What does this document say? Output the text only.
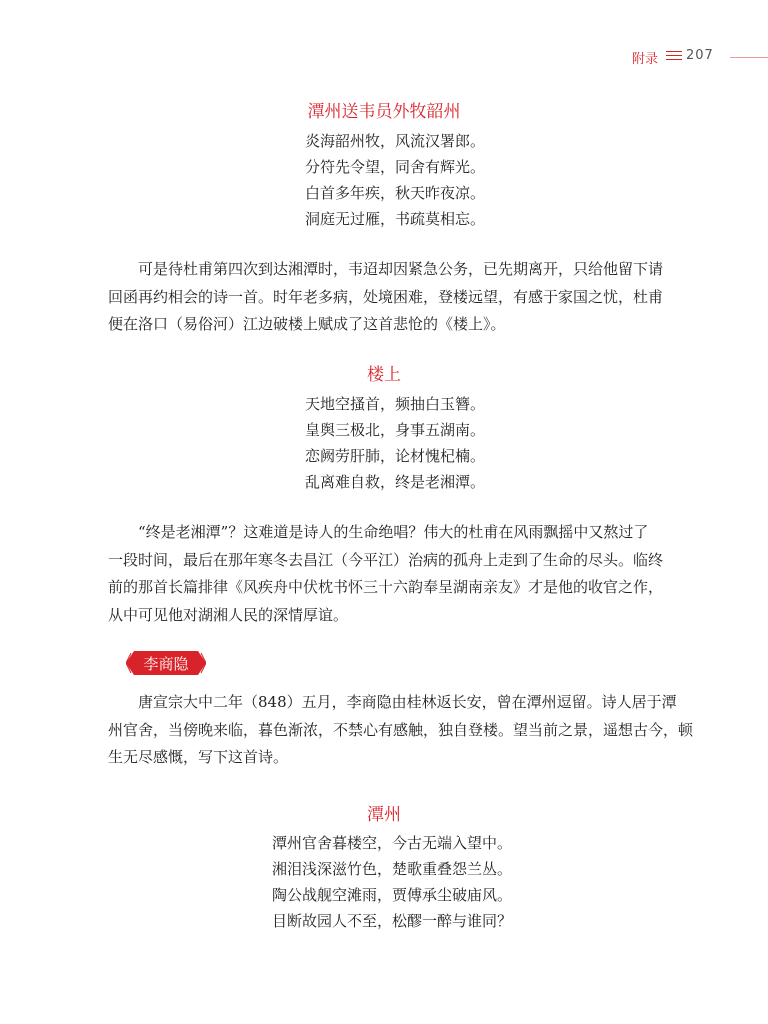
附录 207
潭州送韦员外牧韶州
炎海韶州牧，风流汉署郎。
分符先令望，同舍有辉光。
白首多年疾，秋天昨夜凉。
洞庭无过雁，书疏莫相忘。
可是待杜甫第四次到达湘潭时，韦迢却因紧急公务，已先期离开，只给他留下请
回函再约相会的诗一首。时年老多病，处境困难，登楼远望，有感于家国之忧，杜甫
便在洛口（易俗河）江边破楼上赋成了这首悲怆的《楼上》。
楼上
天地空搔首，频抽白玉簪。
皇舆三极北，身事五湖南。
恋阙劳肝肺，论材愧杞楠。
乱离难自救，终是老湘潭。
“终是老湘潭”？这难道是诗人的生命绝唱？伟大的杜甫在风雨飘摇中又熬过了
一段时间，最后在那年寒冬去昌江（今平江）治病的孤舟上走到了生命的尽头。临终
前的那首长篇排律《风疾舟中伏枕书怀三十六韵奉呈湖南亲友》才是他的收官之作，
从中可见他对湖湘人民的深情厚谊。
李商隐
唐宣宗大中二年（848）五月，李商隐由桂林返长安，曾在潭州逗留。诗人居于潭
州官舍，当傍晚来临，暮色渐浓，不禁心有感触，独自登楼。望当前之景，遥想古今，顿
生无尽感慨，写下这首诗。
潭州
潭州官舍暮楼空，今古无端入望中。
湘泪浅深滋竹色，楚歌重叠怨兰丛。
陶公战舰空滩雨，贾傅承尘破庙风。
目断故园人不至，松醪一醉与谁同？
